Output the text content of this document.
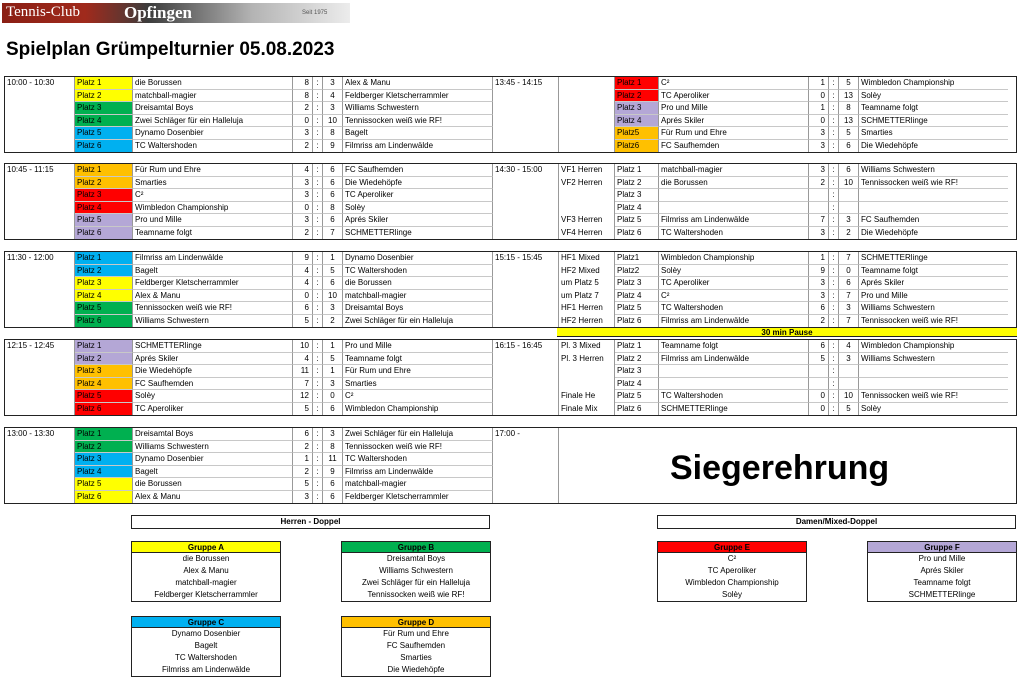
Tennis-Club	Opfingen	Seit 1975
Spielplan Grümpelturnier 05.08.2023
10:00 - 10:30	Platz 1	die Borussen	8 :	3	Alex & Manu	13:45 - 14:15	Platz 1	C²	1 :	5	Wimbledon Championship
Platz 2	matchball-magier	8 :	4	Feldberger Kletscherrammler	Platz 2	TC Aperoliker	0 :	13	Solèy
Platz 3	Dreisamtal Boys	2 :	3	Williams Schwestern	Platz 3	Pro und Mille	1 :	8	Teamname folgt
Platz 4	Zwei Schläger für ein Halleluja	0 :	10	Tennissocken weiß wie RF!	Platz 4	Aprés Skiler	0 :	13	SCHMETTERlinge
Platz 5	Dynamo Dosenbier	3 :	8	Bagelt	Platz5	Für Rum und Ehre	3 :	5	Smarties
Platz 6	TC Waltershoden	2 :	9	Filmriss am Lindenwälde	Platz6	FC Saufhemden	3 :	6	Die Wiedehöpfe
10:45 - 11:15	Platz 1	Für Rum und Ehre	4 :	6	FC Saufhemden	14:30 - 15:00	VF1 Herren	Platz 1	matchball-magier	3 :	6	Williams Schwestern
Platz 2	Smarties	3 :	6	Die Wiedehöpfe	VF2 Herren	Platz 2	die Borussen	2 :	10	Tennissocken weiß wie RF!
Platz 3	C²	3 :	6	TC Aperoliker	Platz 3	:
Platz 4	Wimbledon Championship	0 :	8	Solèy	Platz 4	:
Platz 5	Pro und Mille	3 :	6	Aprés Skiler	VF3 Herren	Platz 5	Filmriss am Lindenwälde	7 :	3	FC Saufhemden
Platz 6	Teamname folgt	2 :	7	SCHMETTERlinge	VF4 Herren	Platz 6	TC Waltershoden	3 :	2	Die Wiedehöpfe
11:30 - 12:00	Platz 1	Filmriss am Lindenwälde	9 :	1	Dynamo Dosenbier	15:15 - 15:45	HF1 Mixed	Platz1	Wimbledon Championship	1 :	7	SCHMETTERlinge
Platz 2	Bagelt	4 :	5	TC Waltershoden	HF2 Mixed	Platz2	Solèy	9 :	0	Teamname folgt
Platz 3	Feldberger Kletscherrammler	4 :	6	die Borussen	um Platz 5	Platz 3	TC Aperoliker	3 :	6	Aprés Skiler
Platz 4	Alex & Manu	0 :	10	matchball-magier	um Platz 7	Platz 4	C²	3 :	7	Pro und Mille
Platz 5	Tennissocken weiß wie RF!	6 :	3	Dreisamtal Boys	HF1 Herren	Platz 5	TC Waltershoden	6 :	3	Williams Schwestern
Platz 6	Williams Schwestern	5 :	2	Zwei Schläger für ein Halleluja	HF2 Herren	Platz 6	Filmriss am Lindenwälde	2 :	7	Tennissocken weiß wie RF!
12:15 - 12:45	Platz 1	SCHMETTERlinge	10 :	1	Pro und Mille	16:15 - 16:45	Pl. 3 Mixed	Platz 1	Teamname folgt	6 :	4	Wimbledon Championship
Platz 2	Aprés Skiler	4 :	5	Teamname folgt	Pl. 3 Herren	Platz 2	Filmriss am Lindenwälde	5 :	3	Williams Schwestern
Platz 3	Die Wiedehöpfe	11 :	1	Für Rum und Ehre	Platz 3	:
Platz 4	FC Saufhemden	7 :	3	Smarties	Platz 4	:
Platz 5	Solèy	12 :	0	C²	Finale He	Platz 5	TC Waltershoden	0 :	10	Tennissocken weiß wie RF!
Platz 6	TC Aperoliker	5 :	6	Wimbledon Championship	Finale Mix	Platz 6	SCHMETTERlinge	0 :	5	Solèy
13:00 - 13:30	Platz 1	Dreisamtal Boys	6 :	3	Zwei Schläger für ein Halleluja	17:00 -
Platz 2	Williams Schwestern	2 :	8	Tennissocken weiß wie RF!
Platz 3	Dynamo Dosenbier	1 :	11	TC Waltershoden
Platz 4	Bagelt	2 :	9	Filmriss am Lindenwälde
Platz 5	die Borussen	5 :	6	matchball-magier
Platz 6	Alex & Manu	3 :	6	Feldberger Kletscherrammler
Siegerehrung
Herren - Doppel	Damen/Mixed-Doppel
Gruppe A
die Borussen
Alex & Manu
matchball-magier
Feldberger Kletscherrammler
Gruppe B
Dreisamtal Boys
Williams Schwestern
Zwei Schläger für ein Halleluja
Tennissocken weiß wie RF!
Gruppe C
Dynamo Dosenbier
Bagelt
TC Waltershoden
Filmriss am Lindenwälde
Gruppe D
Für Rum und Ehre
FC Saufhemden
Smarties
Die Wiedehöpfe
Gruppe E
C²
TC Aperoliker
Wimbledon Championship
Solèy
Gruppe F
Pro und Mille
Aprés Skiler
Teamname folgt
SCHMETTERlinge
30 min Pause
